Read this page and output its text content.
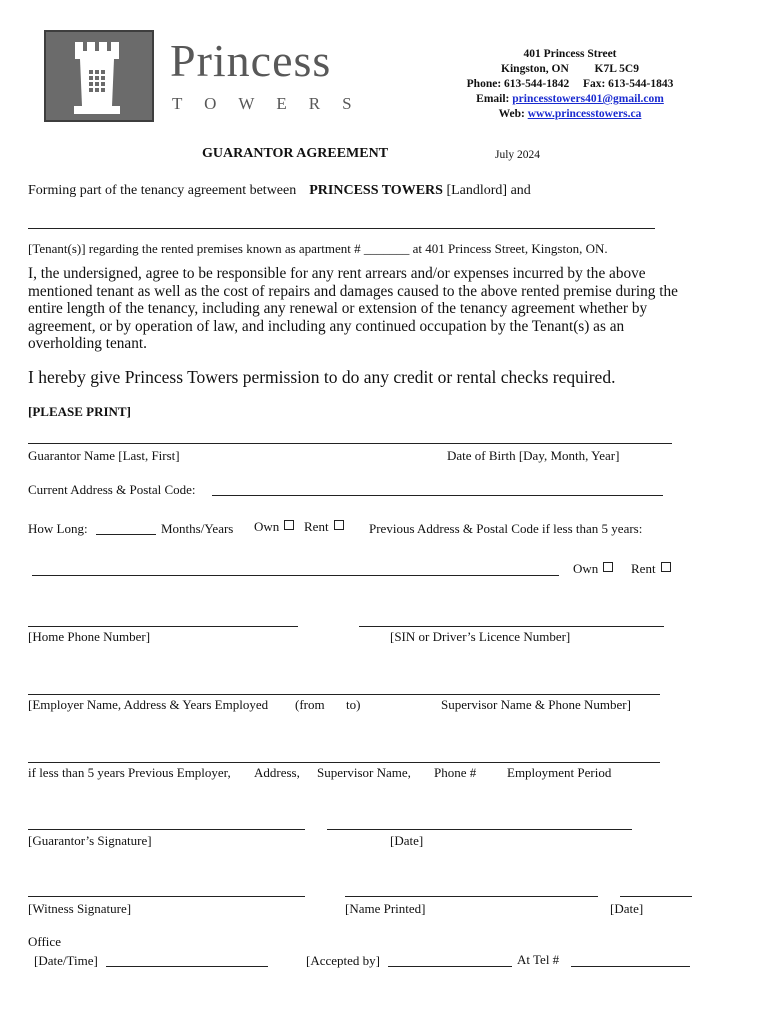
Princess
TOWERS
401 Princess Street
Kingston, ON K7L 5C9
Phone: 613-544-1842 Fax: 613-544-1843
Email: princesstowers401@gmail.com
Web: www.princesstowers.ca
GUARANTOR AGREEMENT	July 2024
Forming part of the tenancy agreement between PRINCESS TOWERS [Landlord] and
[Tenant(s)] regarding the rented premises known as apartment # _______ at 401 Princess Street, Kingston, ON.
I, the undersigned, agree to be responsible for any rent arrears and/or expenses incurred by the above mentioned tenant as well as the cost of repairs and damages caused to the above rented premise during the entire length of the tenancy, including any renewal or extension of the tenancy agreement whether by agreement, or by operation of law, and including any continued occupation by the Tenant(s) as an overholding tenant.
I hereby give Princess Towers permission to do any credit or rental checks required.
[PLEASE PRINT]
Guarantor Name [Last, First]	Date of Birth [Day, Month, Year]
Current Address & Postal Code:
How Long:	Months/Years Own	Rent	Previous Address & Postal Code if less than 5 years:
Own	Rent
[Home Phone Number]	[SIN or Driver’s Licence Number]
[Employer Name, Address & Years Employed (from to)	Supervisor Name & Phone Number]
if less than 5 years Previous Employer, Address, Supervisor Name, Phone # Employment Period
[Guarantor’s Signature]	[Date]
[Witness Signature]	[Name Printed]	[Date]
Office
[Date/Time]	[Accepted by]	At Tel #
